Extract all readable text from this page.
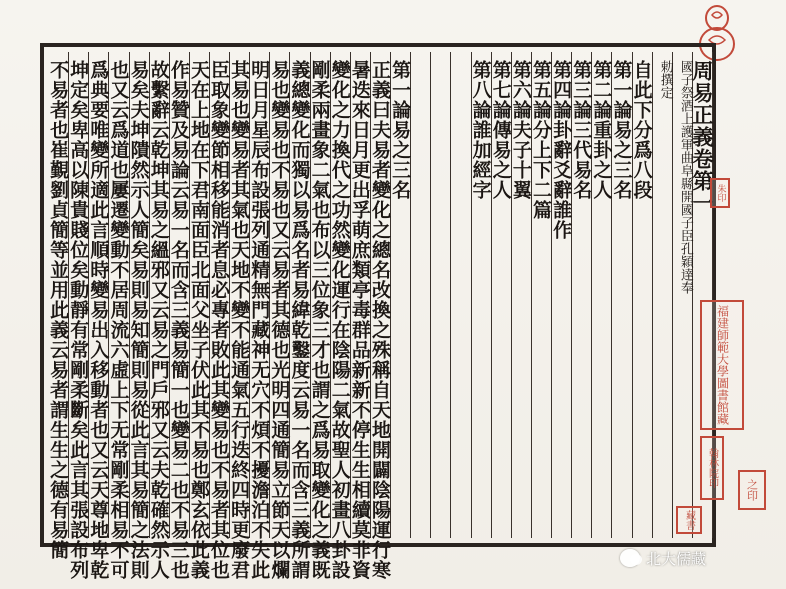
周易正義卷第一
國子祭酒上護軍曲阜縣開國子臣孔穎達奉
勅撰定
自此下分爲八段
第一論易之三名
第二論重卦之人
第三論三代易名
第四論卦辭爻辭誰作
第五論分上下二篇
第六論夫子十翼
第七論傳易之人
第八論誰加經字
第一論易之三名
正義曰夫易者變化之總名改換之殊稱自天地開闢陰陽運行寒
暑迭來日月更出孚萌庶類亭毒群品新新不停生生相續莫非資
變化之力換代之功然變化運行在陰陽二氣故聖人初畫八卦設
剛柔兩畫象二氣也布以三位象三才也謂之爲易取變化之義既
義總變化而獨以易爲名者易緯乾鑿度云易一名而含三義所謂
易也變易也不易也又云易者其德也光明四通簡易立節天以爛
明日月星辰布設張列通精無門藏神无穴不煩不擾澹泊不失此
其易也變易者其氣也天地不變不能通氣五行迭終四時更廢君
臣取象變節相移能消者息必專者敗此其變易也不易者其位也
天在上地在下君南面臣北面父坐子伏此其不易也鄭玄依此義
作易贊及易論云易一名而含三義易簡一也變易二也不易三也
故繫辭云乾坤其易之縕邪又云易之門戶邪又云夫乾確然示人
易矣夫坤隤然示人簡矣易則易知簡則易從此言其易簡之法則
也又云爲道也屢遷變動不居周流六虛上下无常剛柔相易不可
爲典要唯變所適此言順時變易出入移動者也又云天尊地卑乾
坤定矣卑高以陳貴賤位矣動靜有常剛柔斷矣此言其張設布列
不易者也崔覲劉貞簡等並用此義云易者謂生生之德有易簡	福建師範大學圖書館藏
翰林院印
朱印
藏書
之印
北大儒藏
